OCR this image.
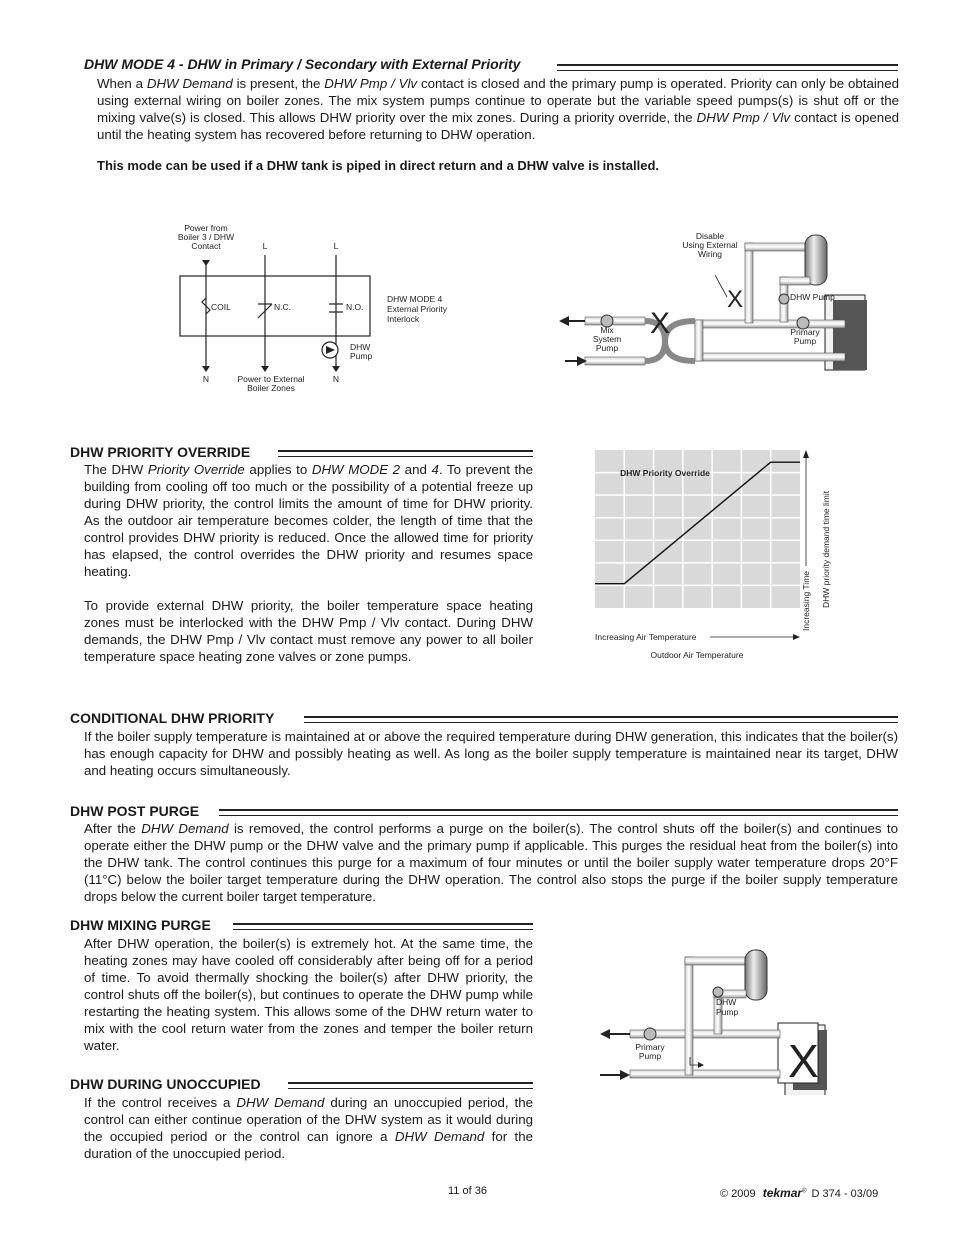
DHW MODE 4 - DHW in Primary / Secondary with External Priority
When a DHW Demand is present, the DHW Pmp / Vlv contact is closed and the primary pump is operated. Priority can only be obtained using external wiring on boiler zones. The mix system pumps continue to operate but the variable speed pumps(s) is shut off or the mixing valve(s) is closed. This allows DHW priority over the mix zones. During a priority override, the DHW Pmp / Vlv contact is opened until the heating system has recovered before returning to DHW operation.
This mode can be used if a DHW tank is piped in direct return and a DHW valve is installed.
Power from
Boiler 3 / DHW
Contact	L	L
COIL	N.C.	N.O.
DHW MODE 4
External Priority
Interlock
DHW
Pump
N	N
Power to External
Boiler Zones
X
X
Disable
Using External
Wiring
DHW Pump
Mix
System
Pump
Primary
Pump
DHW PRIORITY OVERRIDE
The DHW Priority Override applies to DHW MODE 2 and 4. To prevent the building from cooling off too much or the possibility of a potential freeze up during DHW priority, the control limits the amount of time for DHW priority. As the outdoor air temperature becomes colder, the length of time that the control provides DHW priority is reduced. Once the allowed time for priority has elapsed, the control overrides the DHW priority and resumes space heating.
To provide external DHW priority, the boiler temperature space heating zones must be interlocked with the DHW Pmp / Vlv contact. During DHW demands, the DHW Pmp / Vlv contact must remove any power to all boiler temperature space heating zone valves or zone pumps.
DHW Priority Override
Increasing Air Temperature
Outdoor Air Temperature
Increasing Time DHW priority demand time limit
CONDITIONAL DHW PRIORITY
If the boiler supply temperature is maintained at or above the required temperature during DHW generation, this indicates that the boiler(s) has enough capacity for DHW and possibly heating as well. As long as the boiler supply temperature is maintained near its target, DHW and heating occurs simultaneously.
DHW POST PURGE
After the DHW Demand is removed, the control performs a purge on the boiler(s). The control shuts off the boiler(s) and continues to operate either the DHW pump or the DHW valve and the primary pump if applicable. This purges the residual heat from the boiler(s) into the DHW tank. The control continues this purge for a maximum of four minutes or until the boiler supply water temperature drops 20°F (11°C) below the boiler target temperature during the DHW operation. The control also stops the purge if the boiler supply temperature drops below the current boiler target temperature.
DHW MIXING PURGE
After DHW operation, the boiler(s) is extremely hot. At the same time, the heating zones may have cooled off considerably after being off for a period of time. To avoid thermally shocking the boiler(s) after DHW priority, the control shuts off the boiler(s), but continues to operate the DHW pump while restarting the heating system. This allows some of the DHW return water to mix with the cool return water from the zones and temper the boiler return water.	X
DHW
Pump
Primary
Pump
DHW DURING UNOCCUPIED
If the control receives a DHW Demand during an unoccupied period, the control can either continue operation of the DHW system as it would during the occupied period or the control can ignore a DHW Demand for the duration of the unoccupied period.
11 of 36	© 2009 tekmar® D 374 - 03/09
